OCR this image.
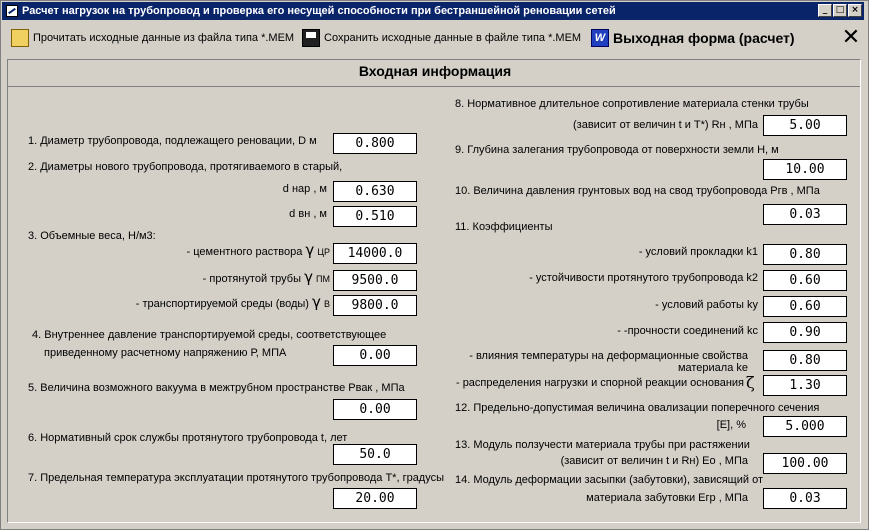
Расчет нагрузок на трубопровод и проверка его несущей способности при бестраншейной реновации сетей	_ □ ×
Прочитать исходные данные из файла типа *.MEM	Сохранить исходные данные в файле типа *.MEM	W Выходная форма (расчет) ✕
Входная информация
1. Диаметр трубопровода, подлежащего реновации, D м	0.800
2. Диаметры нового трубопровода, протягиваемого в старый,
d нар , м	0.630
d вн , м	0.510
3. Объемные веса, Н/м3:
- цементного раствора γ ЦР	14000.0
- протянутой трубы γ ПМ	9500.0
- транспортируемой среды (воды) γ В	9800.0
4. Внутреннее давление транспортируемой среды, соответствующее
приведенному расчетному напряжению Р, МПА	0.00
5. Величина возможного вакуума в межтрубном пространстве Рвак , МПа
0.00
6. Нормативный срок службы протянутого трубопровода t, лет
50.0
7. Предельная температура эксплуатации протянутого трубопровода Т*, градусы
20.00
8. Нормативное длительное сопротивление материала стенки трубы
(зависит от величин t и Т*) Rн , МПа	5.00
9. Глубина залегания трубопровода от поверхности земли Н, м
10.00
10. Величина давления грунтовых вод на свод трубопровода Ргв , МПа
0.03
11. Коэффициенты
- условий прокладки k1	0.80
- устойчивости протянутого трубопровода k2	0.60
- условий работы kу	0.60
- -прочности соединений kс	0.90
- влияния температуры на деформационные свойства
материала kе	0.80
- распределения нагрузки и спорной реакции основания ζ	1.30
12. Предельно-допустимая величина овализации поперечного сечения
[E], %	5.000
13. Модуль ползучести материала трубы при растяжении
(зависит от величин t и Rн) Ео , МПа	100.00
14. Модуль деформации засыпки (забутовки), зависящий от
материала забутовки Егр , МПа	0.03
